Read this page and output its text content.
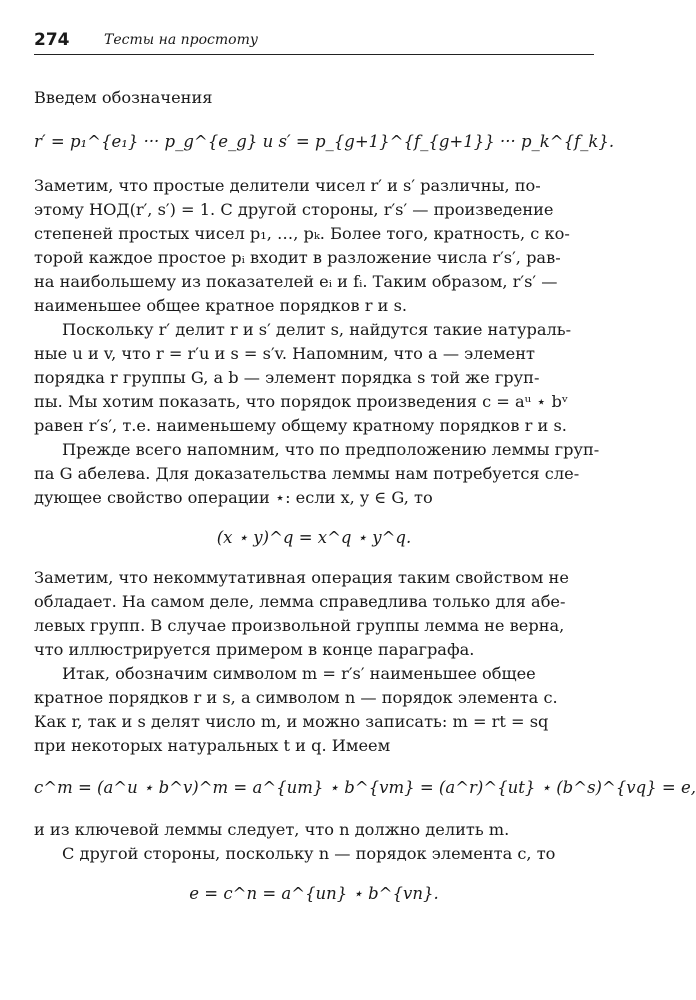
274 Тесты на простоту
Введем обозначения
r′ = p₁^{e₁} ··· p_g^{e_g} и s′ = p_{g+1}^{f_{g+1}} ··· p_k^{f_k}.
Заметим, что простые делители чисел r′ и s′ различны, по-
этому НОД(r′, s′) = 1. С другой стороны, r′s′ — произведение
степеней простых чисел p₁, …, pₖ. Более того, кратность, с ко-
торой каждое простое pᵢ входит в разложение числа r′s′, рав-
на наибольшему из показателей eᵢ и fᵢ. Таким образом, r′s′ —
наименьшее общее кратное порядков r и s.
Поскольку r′ делит r и s′ делит s, найдутся такие натураль-
ные u и v, что r = r′u и s = s′v. Напомним, что a — элемент
порядка r группы G, а b — элемент порядка s той же груп-
пы. Мы хотим показать, что порядок произведения c = aᵘ ⋆ bᵛ
равен r′s′, т.е. наименьшему общему кратному порядков r и s.
Прежде всего напомним, что по предположению леммы груп-
па G абелева. Для доказательства леммы нам потребуется сле-
дующее свойство операции ⋆: если x, y ∈ G, то
(x ⋆ y)^q = x^q ⋆ y^q.
Заметим, что некоммутативная операция таким свойством не
обладает. На самом деле, лемма справедлива только для абе-
левых групп. В случае произвольной группы лемма не верна,
что иллюстрируется примером в конце параграфа.
Итак, обозначим символом m = r′s′ наименьшее общее
кратное порядков r и s, а символом n — порядок элемента c.
Как r, так и s делят число m, и можно записать: m = rt = sq
при некоторых натуральных t и q. Имеем
c^m = (a^u ⋆ b^v)^m = a^{um} ⋆ b^{vm} = (a^r)^{ut} ⋆ (b^s)^{vq} = e,
и из ключевой леммы следует, что n должно делить m.
С другой стороны, поскольку n — порядок элемента c, то
e = c^n = a^{un} ⋆ b^{vn}.
